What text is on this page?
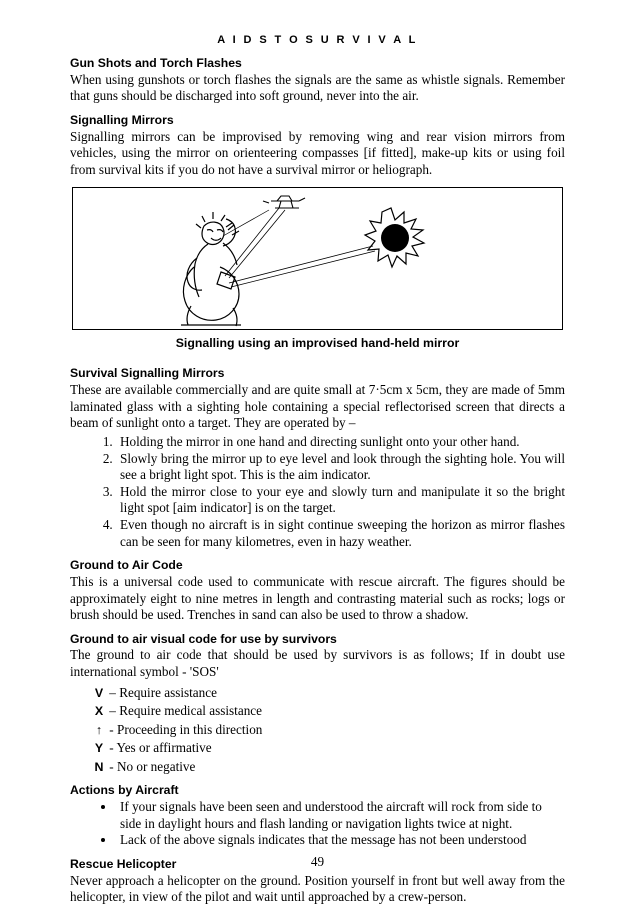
A I D S T O S U R V I V A L
Gun Shots and Torch Flashes

When using gunshots or torch flashes the signals are the same as whistle signals. Remember that guns should be discharged into soft ground, never into the air.

Signalling Mirrors

Signalling mirrors can be improvised by removing wing and rear vision mirrors from vehicles, using the mirror on orienteering compasses [if fitted], make-up kits or using foil from survival kits if you do not have a survival mirror or heliograph.

Signalling using an improvised hand-held mirror
Survival Signalling Mirrors

These are available commercially and are quite small at 7·5cm x 5cm, they are made of 5mm laminated glass with a sighting hole containing a special reflectorised screen that directs a beam of sunlight onto a target. They are operated by –

1. Holding the mirror in one hand and directing sunlight onto your other hand.
2. Slowly bring the mirror up to eye level and look through the sighting hole. You will see a bright light spot. This is the aim indicator.
3. Hold the mirror close to your eye and slowly turn and manipulate it so the bright light spot [aim indicator] is on the target.
4. Even though no aircraft is in sight continue sweeping the horizon as mirror flashes can be seen for many kilometres, even in hazy weather.
Ground to Air Code

This is a universal code used to communicate with rescue aircraft. The figures should be approximately eight to nine metres in length and contrasting material such as rocks; logs or brush should be used. Trenches in sand can also be used to throw a shadow.

Ground to air visual code for use by survivors

The ground to air code that should be used by survivors is as follows; If in doubt use international symbol - 'SOS'

V – Require assistance
X – Require medical assistance
↑ - Proceeding in this direction
Y - Yes or affirmative
N - No or negative
Actions by Aircraft
• If your signals have been seen and understood the aircraft will rock from side to side in daylight hours and flash landing or navigation lights twice at night.
• Lack of the above signals indicates that the message has not been understood
Rescue Helicopter

Never approach a helicopter on the ground. Position yourself in front but well away from the helicopter, in view of the pilot and wait until approached by a crew-person.

49
